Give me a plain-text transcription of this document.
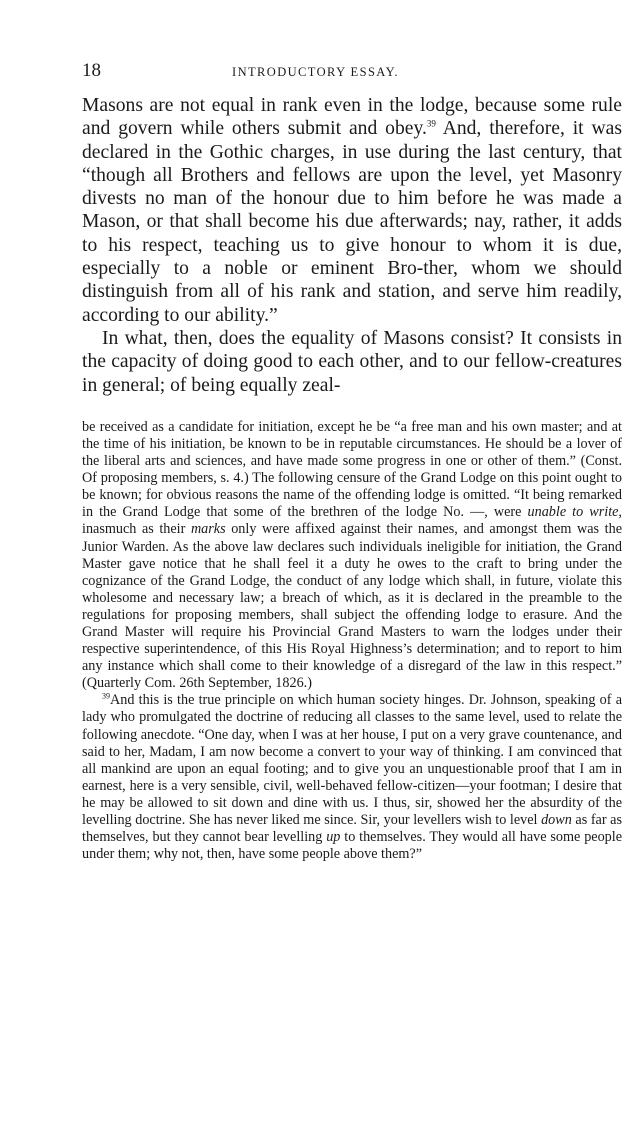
18	INTRODUCTORY ESSAY.

Masons are not equal in rank even in the lodge, because some rule and govern while others submit and obey.$^{39}$ And, therefore, it was declared in the Gothic charges, in use during the last century, that “though all Brothers and fellows are upon the level, yet Masonry divests no man of the honour due to him before he was made a Mason, or that shall become his due afterwards; nay, rather, it adds to his respect, teaching us to give honour to whom it is due, especially to a noble or eminent Bro-ther, whom we should distinguish from all of his rank and station, and serve him readily, according to our ability.”

In what, then, does the equality of Masons consist? It consists in the capacity of doing good to each other, and to our fellow-creatures in general; of being equally zeal-

be received as a candidate for initiation, except he be “a free man and his own master; and at the time of his initiation, be known to be in reputable circumstances. He should be a lover of the liberal arts and sciences, and have made some progress in one or other of them.” (Const. Of proposing members, s. 4.) The following censure of the Grand Lodge on this point ought to be known; for obvious reasons the name of the offending lodge is omitted. “It being remarked in the Grand Lodge that some of the brethren of the lodge No. —, were unable to write, inasmuch as their marks only were affixed against their names, and amongst them was the Junior Warden. As the above law declares such individuals ineligible for initiation, the Grand Master gave notice that he shall feel it a duty he owes to the craft to bring under the cognizance of the Grand Lodge, the conduct of any lodge which shall, in future, violate this wholesome and necessary law; a breach of which, as it is declared in the preamble to the regulations for proposing members, shall subject the offending lodge to erasure. And the Grand Master will require his Provincial Grand Masters to warn the lodges under their respective superintendence, of this His Royal Highness’s determination; and to report to him any instance which shall come to their knowledge of a disregard of the law in this respect.” (Quarterly Com. 26th September, 1826.)

$^{39}$And this is the true principle on which human society hinges. Dr. Johnson, speaking of a lady who promulgated the doctrine of reducing all classes to the same level, used to relate the following anecdote. “One day, when I was at her house, I put on a very grave countenance, and said to her, Madam, I am now become a convert to your way of thinking. I am convinced that all mankind are upon an equal footing; and to give you an unquestionable proof that I am in earnest, here is a very sensible, civil, well-behaved fellow-citizen—your footman; I desire that he may be allowed to sit down and dine with us. I thus, sir, showed her the absurdity of the levelling doctrine. She has never liked me since. Sir, your levellers wish to level down as far as themselves, but they cannot bear levelling up to themselves. They would all have some people under them; why not, then, have some people above them?”
